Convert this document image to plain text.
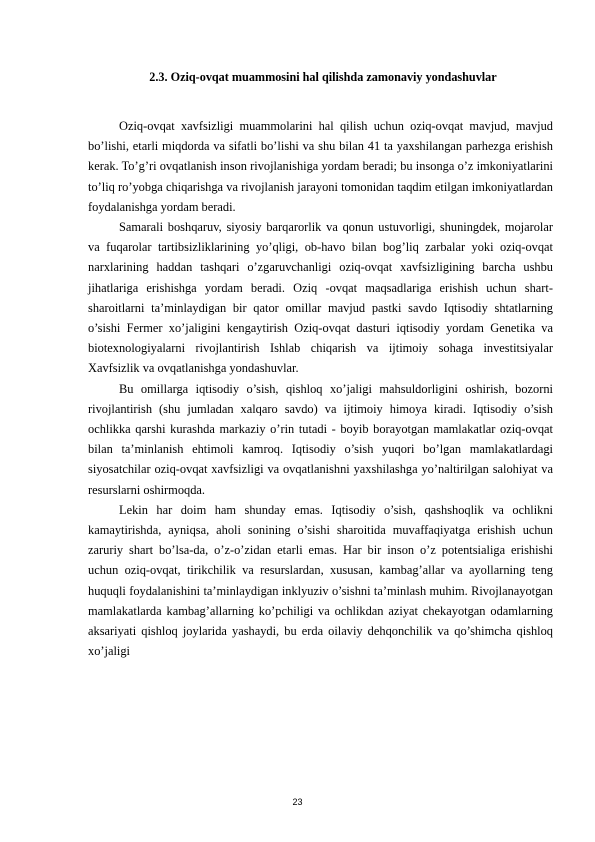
2.3. Oziq-ovqat muammosini hal qilishda zamonaviy yondashuvlar

Oziq-ovqat xavfsizligi muammolarini hal qilish uchun oziq-ovqat mavjud, mavjud bo’lishi, etarli miqdorda va sifatli bo’lishi va shu bilan 41 ta yaxshilangan parhezga erishish kerak. To’g’ri ovqatlanish inson rivojlanishiga yordam beradi; bu insonga o’z imkoniyatlarini to’liq ro’yobga chiqarishga va rivojlanish jarayoni tomonidan taqdim etilgan imkoniyatlardan foydalanishga yordam beradi.

Samarali boshqaruv, siyosiy barqarorlik va qonun ustuvorligi, shuningdek, mojarolar va fuqarolar tartibsizliklarining yo’qligi, ob-havo bilan bog’liq zarbalar yoki oziq-ovqat narxlarining haddan tashqari o’zgaruvchanligi oziq-ovqat xavfsizligining barcha ushbu jihatlariga erishishga yordam beradi. Oziq -ovqat maqsadlariga erishish uchun shart-sharoitlarni ta’minlaydigan bir qator omillar mavjud pastki savdo Iqtisodiy shtatlarning o’sishi Fermer xo’jaligini kengaytirish Oziq-ovqat dasturi iqtisodiy yordam Genetika va biotexnologiyalarni rivojlantirish Ishlab chiqarish va ijtimoiy sohaga investitsiyalar Xavfsizlik va ovqatlanishga yondashuvlar.

Bu omillarga iqtisodiy o’sish, qishloq xo’jaligi mahsuldorligini oshirish, bozorni rivojlantirish (shu jumladan xalqaro savdo) va ijtimoiy himoya kiradi. Iqtisodiy o’sish ochlikka qarshi kurashda markaziy o’rin tutadi - boyib borayotgan mamlakatlar oziq-ovqat bilan ta’minlanish ehtimoli kamroq. Iqtisodiy o’sish yuqori bo’lgan mamlakatlardagi siyosatchilar oziq-ovqat xavfsizligi va ovqatlanishni yaxshilashga yo’naltirilgan salohiyat va resurslarni oshirmoqda.

Lekin har doim ham shunday emas. Iqtisodiy o’sish, qashshoqlik va ochlikni kamaytirishda, ayniqsa, aholi sonining o’sishi sharoitida muvaffaqiyatga erishish uchun zaruriy shart bo’lsa-da, o’z-o’zidan etarli emas. Har bir inson o’z potentsialiga erishishi uchun oziq-ovqat, tirikchilik va resurslardan, xususan, kambag’allar va ayollarning teng huquqli foydalanishini ta’minlaydigan inklyuziv o’sishni ta’minlash muhim. Rivojlanayotgan mamlakatlarda kambag’allarning ko’pchiligi va ochlikdan aziyat chekayotgan odamlarning aksariyati qishloq joylarida yashaydi, bu erda oilaviy dehqonchilik va qo’shimcha qishloq xo’jaligi

23
